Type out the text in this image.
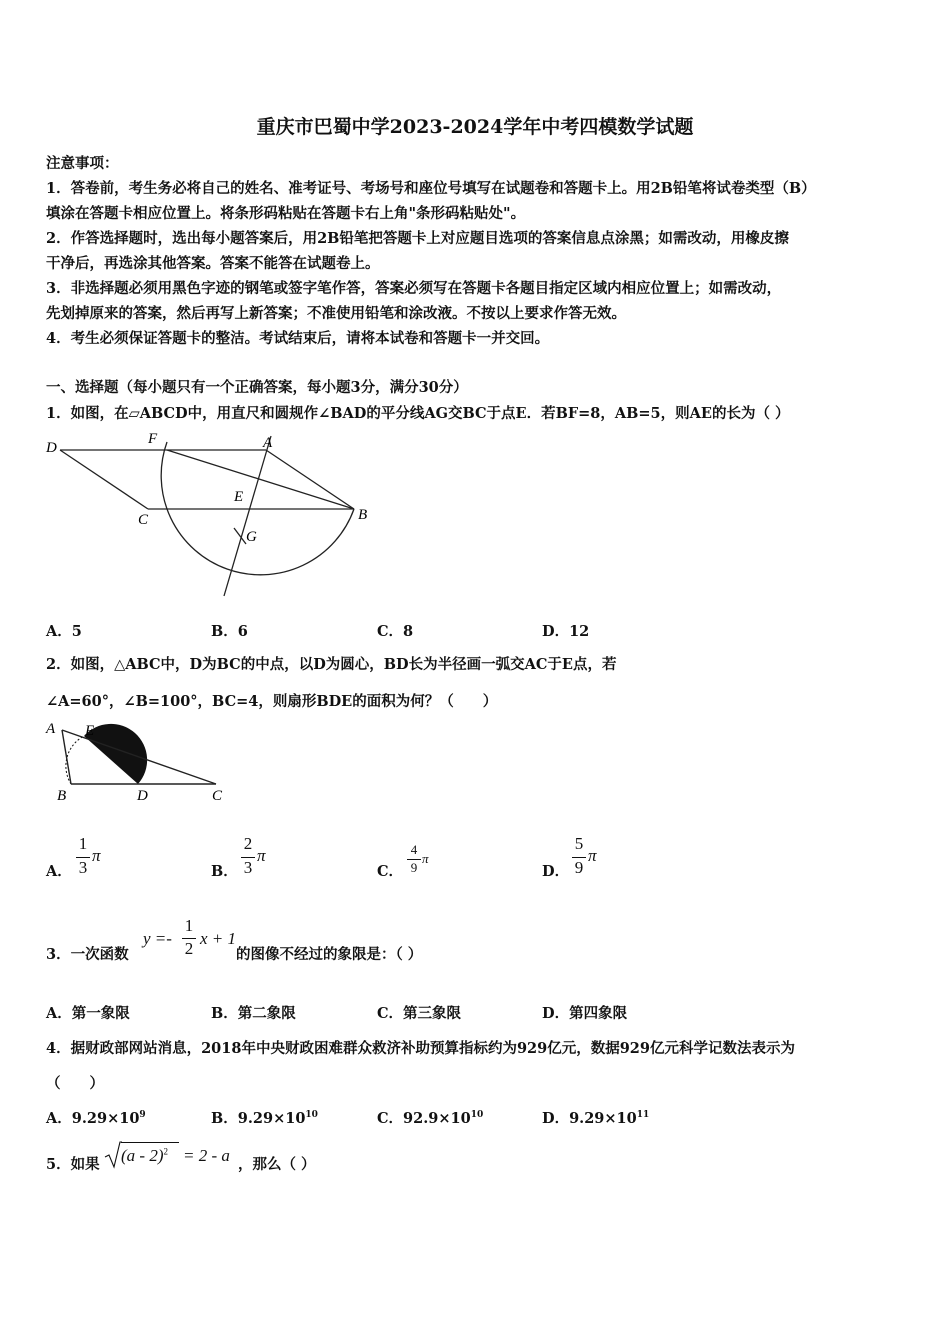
重庆市巴蜀中学2023-2024学年中考四模数学试题
注意事项：
1．答卷前，考生务必将自己的姓名、准考证号、考场号和座位号填写在试题卷和答题卡上。用2B铅笔将试卷类型（B）
填涂在答题卡相应位置上。将条形码粘贴在答题卡右上角"条形码粘贴处"。
2．作答选择题时，选出每小题答案后，用2B铅笔把答题卡上对应题目选项的答案信息点涂黑；如需改动，用橡皮擦
干净后，再选涂其他答案。答案不能答在试题卷上。
3．非选择题必须用黑色字迹的钢笔或签字笔作答，答案必须写在答题卡各题目指定区域内相应位置上；如需改动，
先划掉原来的答案，然后再写上新答案；不准使用铅笔和涂改液。不按以上要求作答无效。
4．考生必须保证答题卡的整洁。考试结束后，请将本试卷和答题卡一并交回。
一、选择题（每小题只有一个正确答案，每小题3分，满分30分）
1．如图，在▱ABCD中，用直尺和圆规作∠BAD的平分线AG交BC于点E．若BF=8，AB=5，则AE的长为（ ）
D
F	A
E
C	B
G
A．5	B．6	C．8	D．12
2．如图，△ABC中，D为BC的中点，以D为圆心，BD长为半径画一弧交AC于E点，若
∠A=60°，∠B=100°，BC=4，则扇形BDE的面积为何？（　　）
A E
B	D	C
A．
1
3
π
B．
2
3
π
C．
4
9
π
D．
5
9
π
3．一次函数
y =-
1
2
x + 1
的图像不经过的象限是：（ ）
A．第一象限	B．第二象限	C．第三象限	D．第四象限
4．据财政部网站消息，2018年中央财政困难群众救济补助预算指标约为929亿元，数据929亿元科学记数法表示为
（　　）
A．$9.29\times 10^9$	B．$9.29\times 10^{10}$	C．$92.9\times 10^{10}$	D．$9.29\times 10^{11}$
5．如果 (a - 2)$^2$ = 2 - a ，那么（ ）
